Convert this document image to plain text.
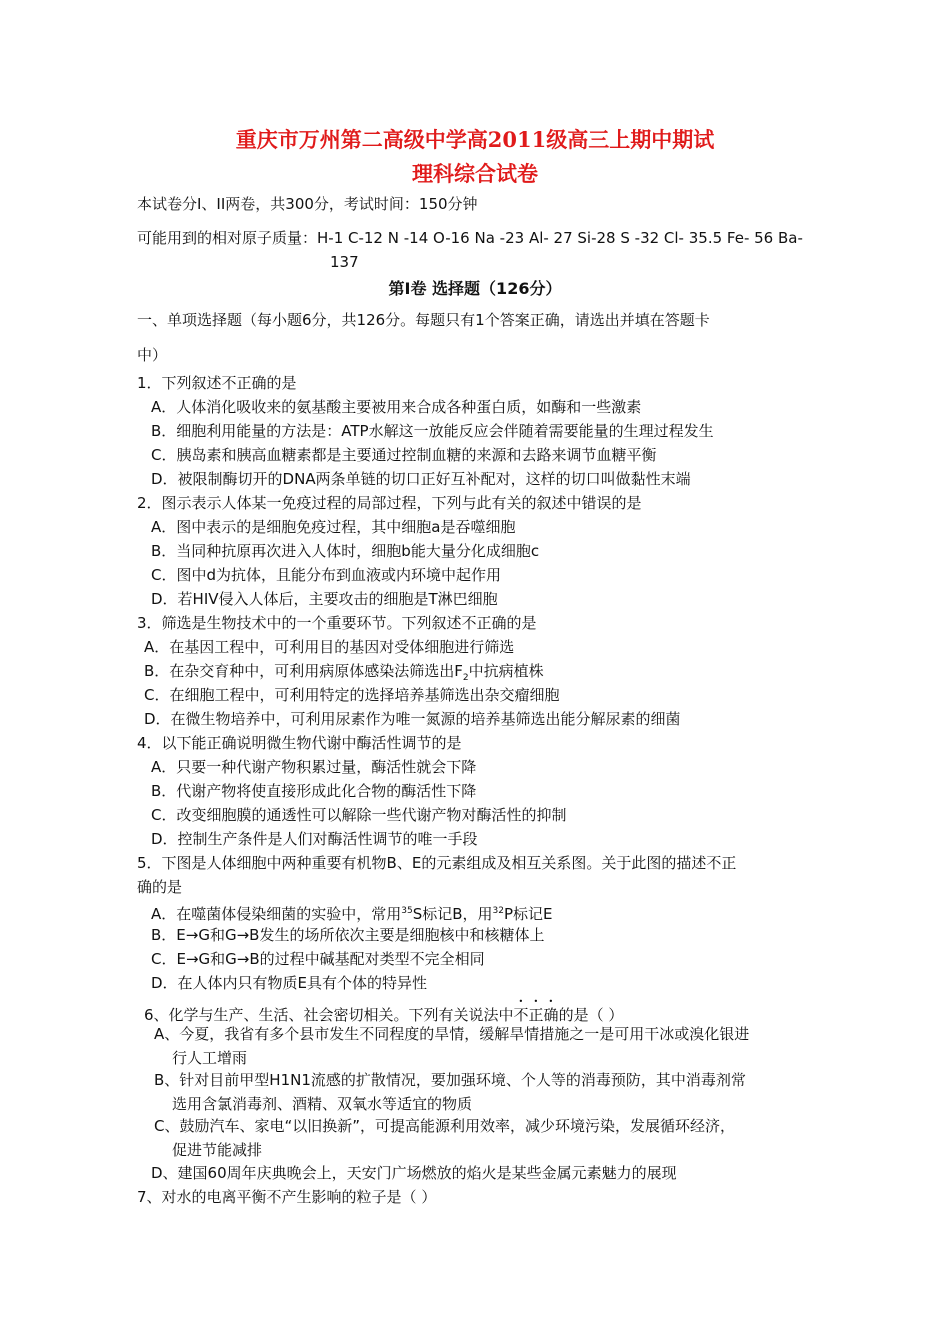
重庆市万州第二高级中学高2011级高三上期中期试
理科综合试卷
本试卷分I、II两卷，共300分，考试时间：150分钟
可能用到的相对原子质量：H-1 C-12 N -14 O-16 Na -23 Al- 27 Si-28 S -32 Cl- 35.5 Fe- 56 Ba-
137
第I卷 选择题（126分）
一、单项选择题（每小题6分，共126分。每题只有1个答案正确，请选出并填在答题卡
中）
1．下列叙述不正确的是
A．人体消化吸收来的氨基酸主要被用来合成各种蛋白质，如酶和一些激素
B．细胞利用能量的方法是：ATP水解这一放能反应会伴随着需要能量的生理过程发生
C．胰岛素和胰高血糖素都是主要通过控制血糖的来源和去路来调节血糖平衡
D．被限制酶切开的DNA两条单链的切口正好互补配对，这样的切口叫做黏性末端
2．图示表示人体某一免疫过程的局部过程，下列与此有关的叙述中错误的是
A．图中表示的是细胞免疫过程，其中细胞a是吞噬细胞
B．当同种抗原再次进入人体时，细胞b能大量分化成细胞c
C．图中d为抗体，且能分布到血液或内环境中起作用
D．若HIV侵入人体后，主要攻击的细胞是T淋巴细胞
3．筛选是生物技术中的一个重要环节。下列叙述不正确的是
A．在基因工程中，可利用目的基因对受体细胞进行筛选
B．在杂交育种中，可利用病原体感染法筛选出$F_2$中抗病植株
C．在细胞工程中，可利用特定的选择培养基筛选出杂交瘤细胞
D．在微生物培养中，可利用尿素作为唯一氮源的培养基筛选出能分解尿素的细菌
4．以下能正确说明微生物代谢中酶活性调节的是
A．只要一种代谢产物积累过量，酶活性就会下降
B．代谢产物将使直接形成此化合物的酶活性下降
C．改变细胞膜的通透性可以解除一些代谢产物对酶活性的抑制
D．控制生产条件是人们对酶活性调节的唯一手段
5．下图是人体细胞中两种重要有机物B、E的元素组成及相互关系图。关于此图的描述不正
确的是
A．在噬菌体侵染细菌的实验中，常用$^{35}$S标记B，用$^{32}$P标记E
B．E→G和G→B发生的场所依次主要是细胞核中和核糖体上
C．E→G和G→B的过程中碱基配对类型不完全相同
D．在人体内只有物质E具有个体的特异性
6、化学与生产、生活、社会密切相关。下列有关说法中不正确的是（ ）
A、今夏，我省有多个县市发生不同程度的旱情，缓解旱情措施之一是可用干冰或溴化银进
行人工增雨
B、针对目前甲型H1N1流感的扩散情况，要加强环境、个人等的消毒预防，其中消毒剂常
选用含氯消毒剂、酒精、双氧水等适宜的物质
C、鼓励汽车、家电“以旧换新”，可提高能源利用效率，减少环境污染，发展循环经济，
促进节能减排
D、建国60周年庆典晚会上，天安门广场燃放的焰火是某些金属元素魅力的展现
7、对水的电离平衡不产生影响的粒子是（ ）
